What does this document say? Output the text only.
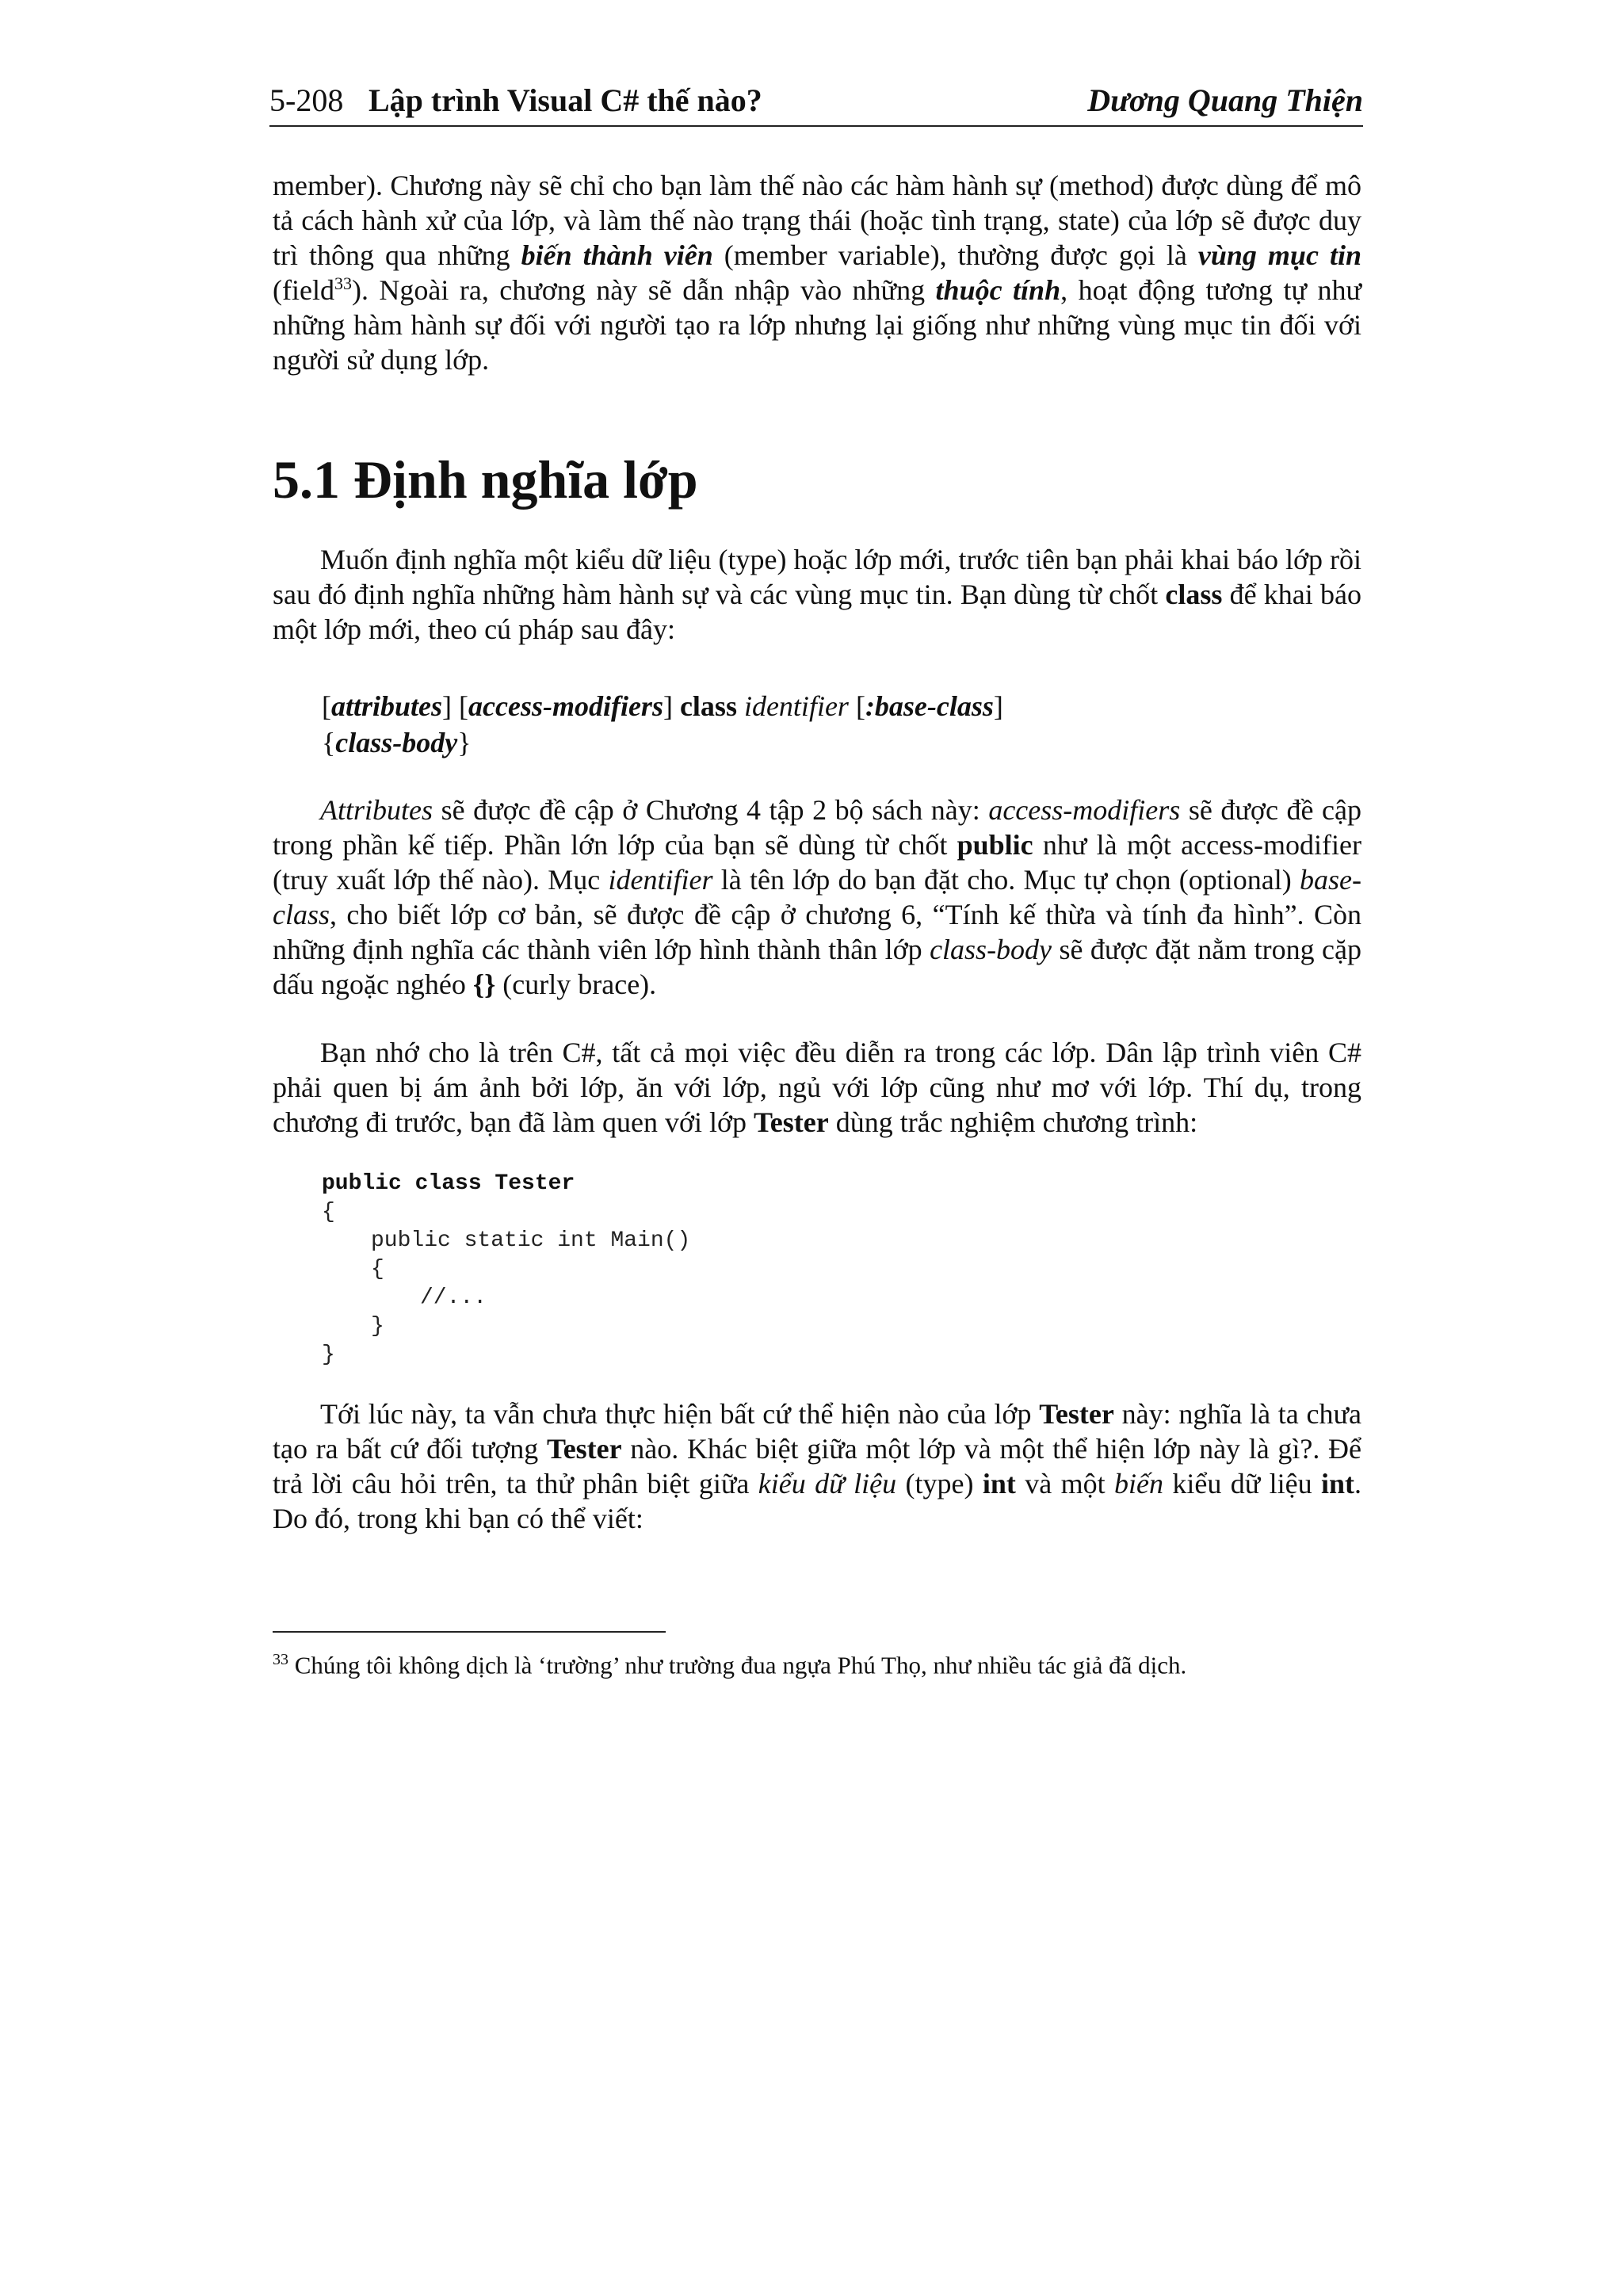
5-208 Lập trình Visual C# thế nào?	Dương Quang Thiện

member). Chương này sẽ chỉ cho bạn làm thế nào các hàm hành sự (method) được dùng để mô tả cách hành xử của lớp, và làm thế nào trạng thái (hoặc tình trạng, state) của lớp sẽ được duy trì thông qua những biến thành viên (member variable), thường được gọi là vùng mục tin (field$^{33}$). Ngoài ra, chương này sẽ dẫn nhập vào những thuộc tính, hoạt động tương tự như những hàm hành sự đối với người tạo ra lớp nhưng lại giống như những vùng mục tin đối với người sử dụng lớp.

5.1 Định nghĩa lớp

Muốn định nghĩa một kiểu dữ liệu (type) hoặc lớp mới, trước tiên bạn phải khai báo lớp rồi sau đó định nghĩa những hàm hành sự và các vùng mục tin. Bạn dùng từ chốt class để khai báo một lớp mới, theo cú pháp sau đây:

[attributes] [access-modifiers] class identifier [:base-class]
{class-body}

Attributes sẽ được đề cập ở Chương 4 tập 2 bộ sách này: access-modifiers sẽ được đề cập trong phần kế tiếp. Phần lớn lớp của bạn sẽ dùng từ chốt public như là một access-modifier (truy xuất lớp thế nào). Mục identifier là tên lớp do bạn đặt cho. Mục tự chọn (optional) base-class, cho biết lớp cơ bản, sẽ được đề cập ở chương 6, “Tính kế thừa và tính đa hình”. Còn những định nghĩa các thành viên lớp hình thành thân lớp class-body sẽ được đặt nằm trong cặp dấu ngoặc nghéo {} (curly brace).

Bạn nhớ cho là trên C#, tất cả mọi việc đều diễn ra trong các lớp. Dân lập trình viên C# phải quen bị ám ảnh bởi lớp, ăn với lớp, ngủ với lớp cũng như mơ với lớp. Thí dụ, trong chương đi trước, bạn đã làm quen với lớp Tester dùng trắc nghiệm chương trình:

public class Tester
{
public static int Main()
{
//...
}
}

Tới lúc này, ta vẫn chưa thực hiện bất cứ thể hiện nào của lớp Tester này: nghĩa là ta chưa tạo ra bất cứ đối tượng Tester nào. Khác biệt giữa một lớp và một thể hiện lớp này là gì?. Để trả lời câu hỏi trên, ta thử phân biệt giữa kiểu dữ liệu (type) int và một biến kiểu dữ liệu int. Do đó, trong khi bạn có thể viết:

$^{33}$ Chúng tôi không dịch là ‘trường’ như trường đua ngựa Phú Thọ, như nhiều tác giả đã dịch.
